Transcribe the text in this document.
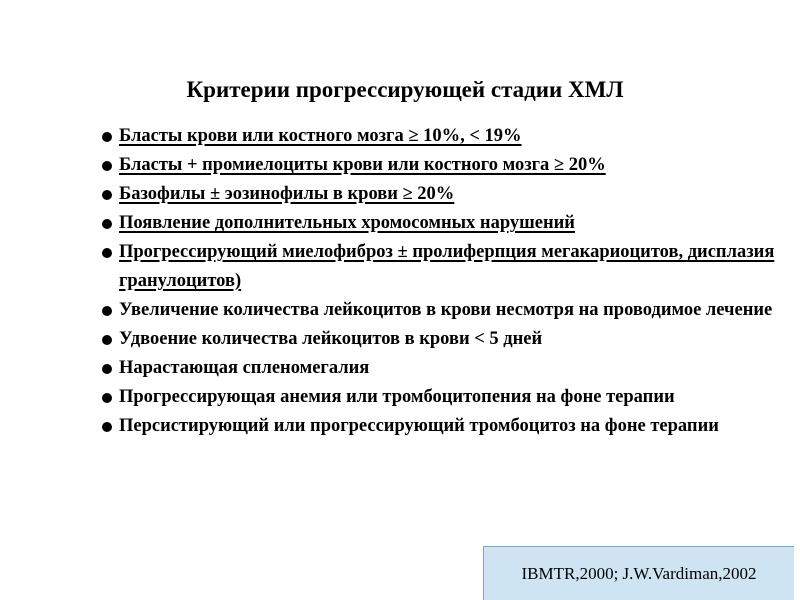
Критерии прогрессирующей стадии ХМЛ
Бласты крови или костного мозга ≥ 10%, < 19%
Бласты + промиелоциты крови или костного мозга ≥ 20%
Базофилы ± эозинофилы в крови ≥ 20%
Появление дополнительных хромосомных нарушений
Прогрессирующий миелофиброз ± пролиферпция мегакариоцитов, дисплазия гранулоцитов)
Увеличение количества лейкоцитов в крови несмотря на проводимое лечение
Удвоение количества лейкоцитов в крови < 5 дней
Нарастающая спленомегалия
Прогрессирующая анемия или тромбоцитопения на фоне терапии
Персистирующий или прогрессирующий тромбоцитоз на фоне терапии
IBMTR,2000; J.W.Vardiman,2002
